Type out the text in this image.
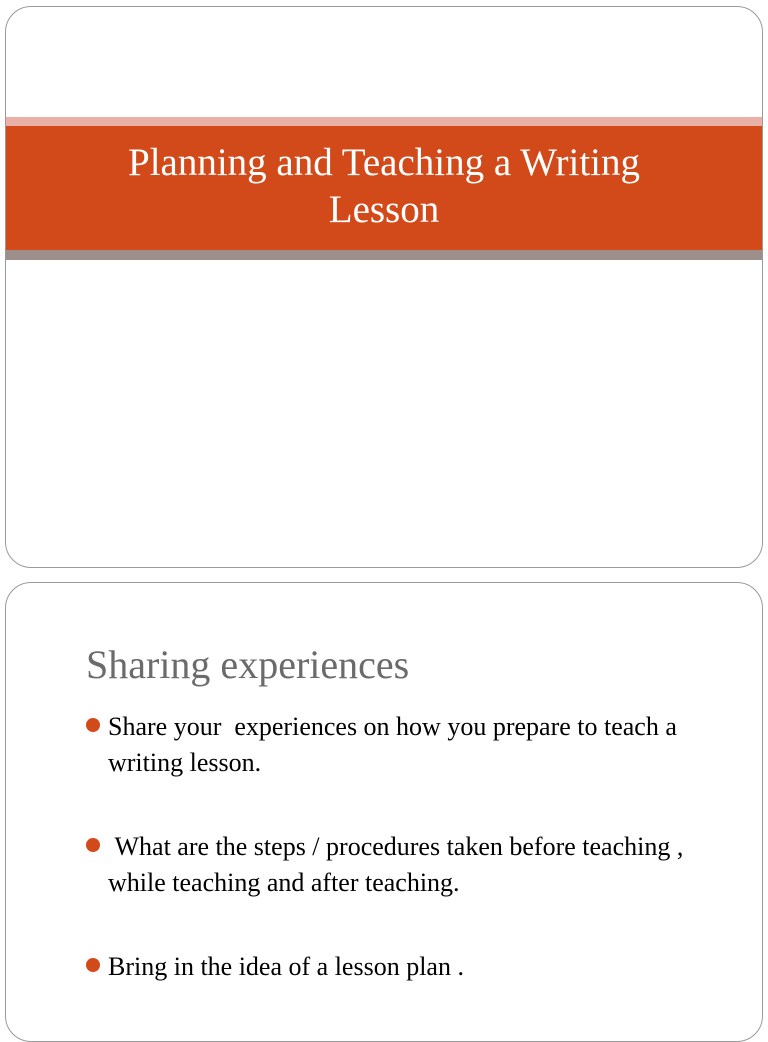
Planning and Teaching a Writing Lesson
Sharing experiences
Share your  experiences on how you prepare to teach a writing lesson.
What are the steps / procedures taken before teaching , while teaching and after teaching.
Bring in the idea of a lesson plan .
